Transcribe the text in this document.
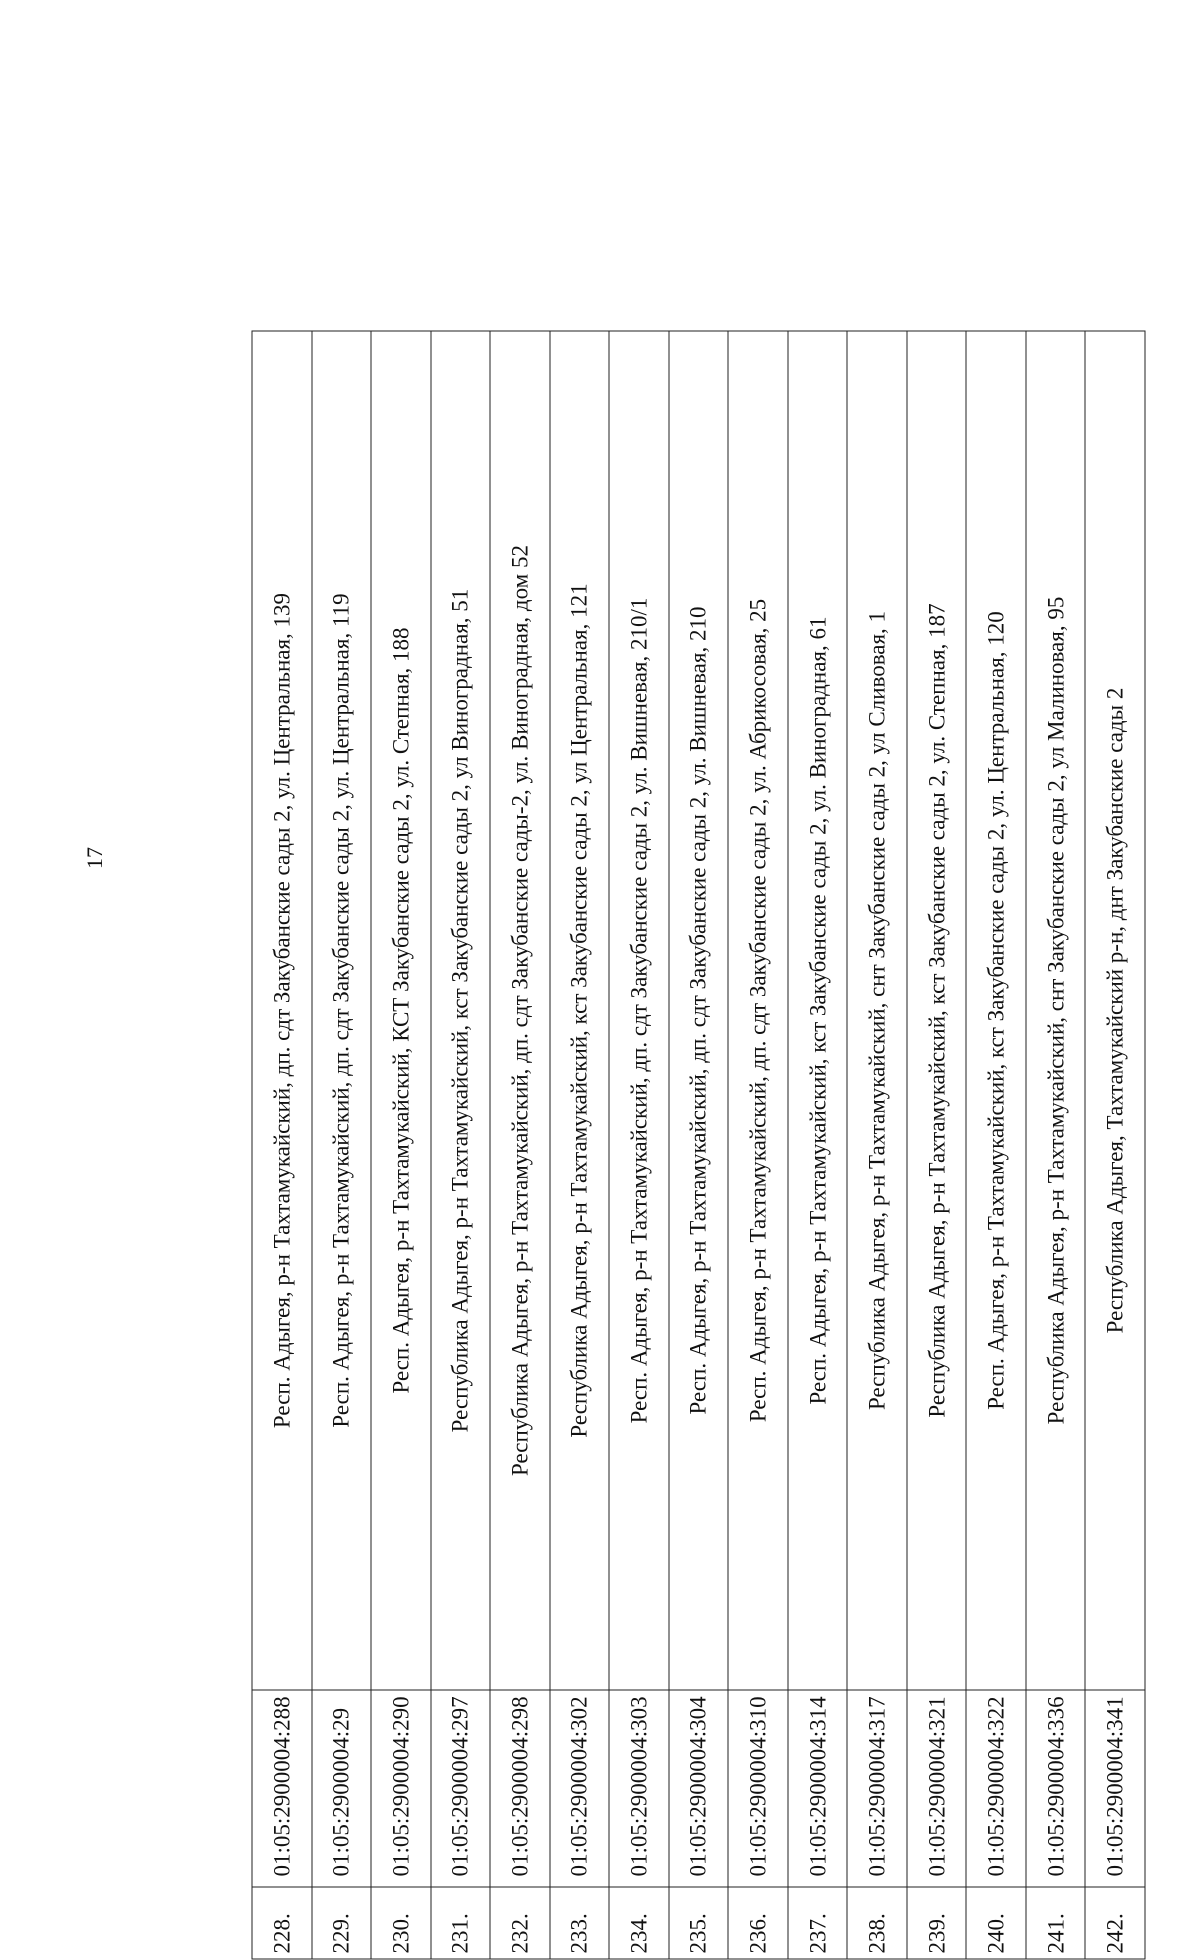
17
228.	01:05:2900004:288	Респ. Адыгея, р-н Тахтамукайский, дп. сдт Закубанские сады 2, ул. Центральная, 139
229.	01:05:2900004:29	Респ. Адыгея, р-н Тахтамукайский, дп. сдт Закубанские сады 2, ул. Центральная, 119
230.	01:05:2900004:290	Респ. Адыгея, р-н Тахтамукайский, КСТ Закубанские сады 2, ул. Степная, 188
231.	01:05:2900004:297	Республика Адыгея, р-н Тахтамукайский, кст Закубанские сады 2, ул Виноградная, 51
232.	01:05:2900004:298	Республика Адыгея, р-н Тахтамукайский, дп. сдт Закубанские сады-2, ул. Виноградная, дом 52
233.	01:05:2900004:302	Республика Адыгея, р-н Тахтамукайский, кст Закубанские сады 2, ул Центральная, 121
234.	01:05:2900004:303	Респ. Адыгея, р-н Тахтамукайский, дп. сдт Закубанские сады 2, ул. Вишневая, 210/1
235.	01:05:2900004:304	Респ. Адыгея, р-н Тахтамукайский, дп. сдт Закубанские сады 2, ул. Вишневая, 210
236.	01:05:2900004:310	Респ. Адыгея, р-н Тахтамукайский, дп. сдт Закубанские сады 2, ул. Абрикосовая, 25
237.	01:05:2900004:314	Респ. Адыгея, р-н Тахтамукайский, кст Закубанские сады 2, ул. Виноградная, 61
238.	01:05:2900004:317	Республика Адыгея, р-н Тахтамукайский, снт Закубанские сады 2, ул Сливовая, 1
239.	01:05:2900004:321	Республика Адыгея, р-н Тахтамукайский, кст Закубанские сады 2, ул. Степная, 187
240.	01:05:2900004:322	Респ. Адыгея, р-н Тахтамукайский, кст Закубанские сады 2, ул. Центральная, 120
241.	01:05:2900004:336	Республика Адыгея, р-н Тахтамукайский, снт Закубанские сады 2, ул Малиновая, 95
242.	01:05:2900004:341	Республика Адыгея, Тахтамукайский р-н, днт Закубанские сады 2
